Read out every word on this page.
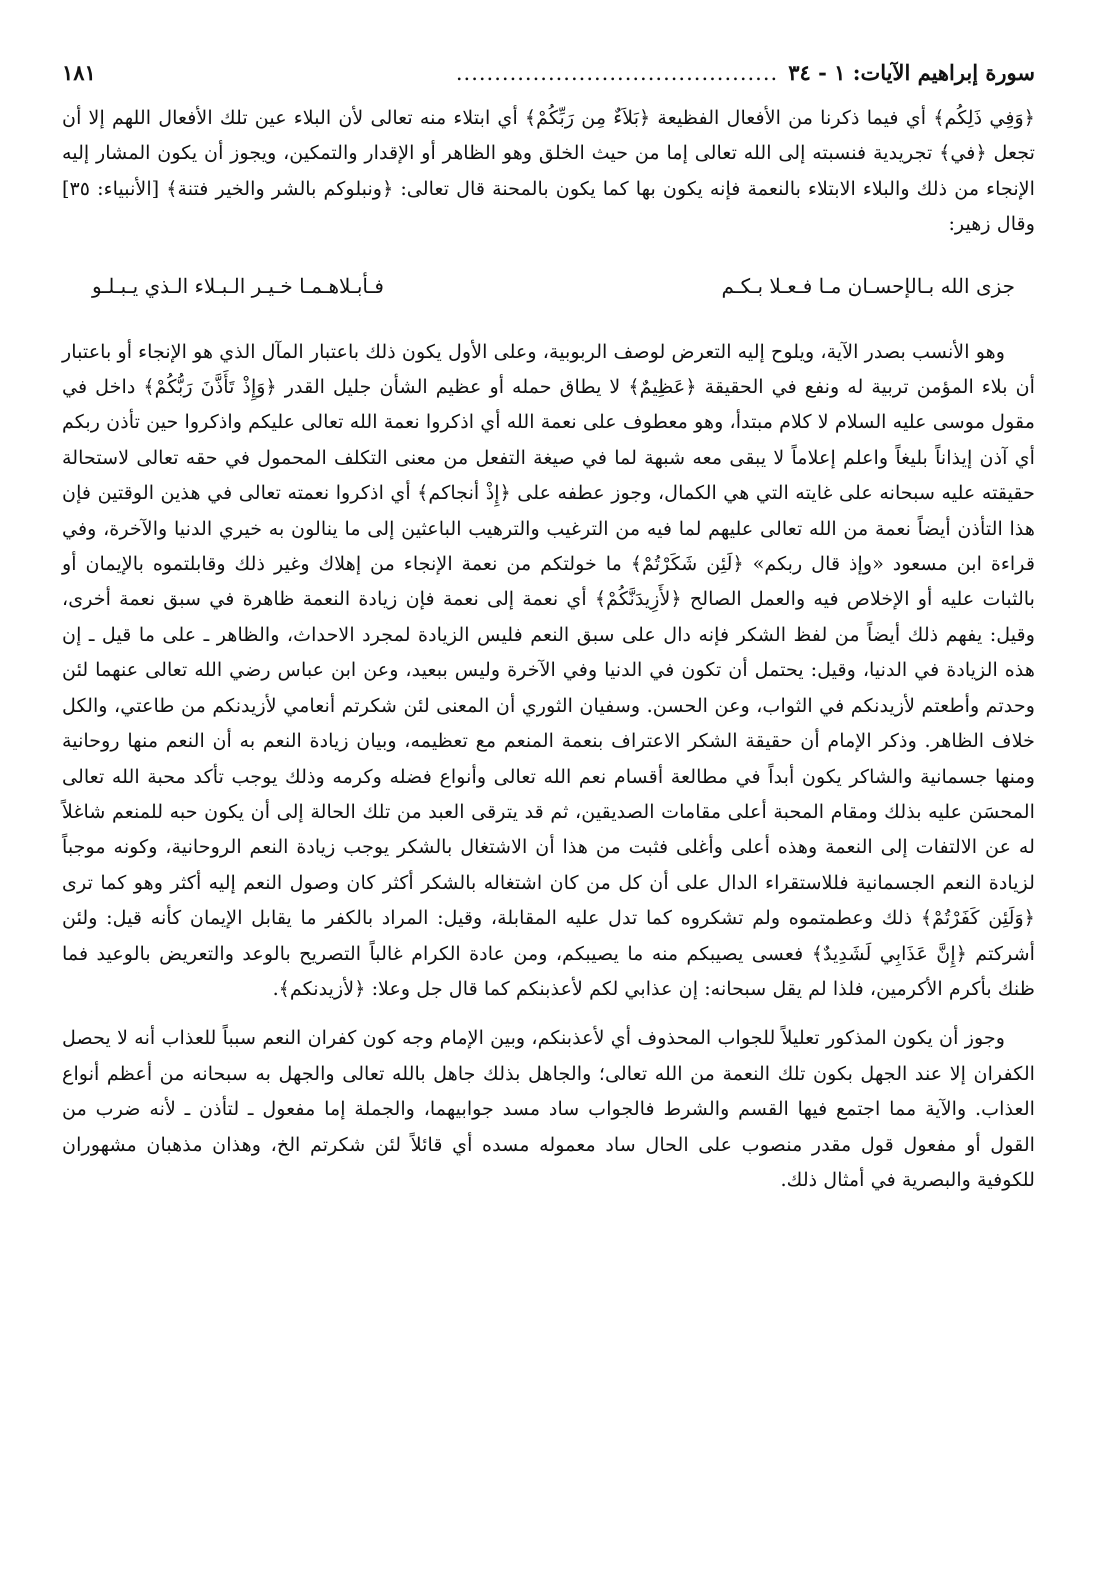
سورة إبراهيم الآيات: ١ - ٣٤
..........................................
١٨١

﴿وَفِي ذَلِكُم﴾ أي فيما ذكرنا من الأفعال الفظيعة ﴿بَلاَءٌ مِن رَبِّكُمْ﴾ أي ابتلاء منه تعالى لأن البلاء عين تلك الأفعال اللهم إلا أن تجعل ﴿في﴾ تجريدية فنسبته إلى الله تعالى إما من حيث الخلق وهو الظاهر أو الإقدار والتمكين، ويجوز أن يكون المشار إليه الإنجاء من ذلك والبلاء الابتلاء بالنعمة فإنه يكون بها كما يكون بالمحنة قال تعالى: ﴿ونبلوكم بالشر والخير فتنة﴾ [الأنبياء: ٣٥] وقال زهير:

جزى الله بـالإحسـان مـا فـعـلا بـكـم
فـأبـلاهـمـا خـيـر الـبـلاء الـذي يـبـلـو

وهو الأنسب بصدر الآية، ويلوح إليه التعرض لوصف الربوبية، وعلى الأول يكون ذلك باعتبار المآل الذي هو الإنجاء أو باعتبار أن بلاء المؤمن تربية له ونفع في الحقيقة ﴿عَظِيمٌ﴾ لا يطاق حمله أو عظيم الشأن جليل القدر ﴿وَإِذْ تَأَذَّنَ رَبُّكُمْ﴾ داخل في مقول موسى عليه السلام لا كلام مبتدأ، وهو معطوف على نعمة الله أي اذكروا نعمة الله تعالى عليكم واذكروا حين تأذن ربكم أي آذن إيذاناً بليغاً واعلم إعلاماً لا يبقى معه شبهة لما في صيغة التفعل من معنى التكلف المحمول في حقه تعالى لاستحالة حقيقته عليه سبحانه على غايته التي هي الكمال، وجوز عطفه على ﴿إِذْ أنجاكم﴾ أي اذكروا نعمته تعالى في هذين الوقتين فإن هذا التأذن أيضاً نعمة من الله تعالى عليهم لما فيه من الترغيب والترهيب الباعثين إلى ما ينالون به خيري الدنيا والآخرة، وفي قراءة ابن مسعود «وإذ قال ربكم» ﴿لَئِن شَكَرْتُمْ﴾ ما خولتكم من نعمة الإنجاء من إهلاك وغير ذلك وقابلتموه بالإيمان أو بالثبات عليه أو الإخلاص فيه والعمل الصالح ﴿لأَزِيدَنَّكُمْ﴾ أي نعمة إلى نعمة فإن زيادة النعمة ظاهرة في سبق نعمة أخرى، وقيل: يفهم ذلك أيضاً من لفظ الشكر فإنه دال على سبق النعم فليس الزيادة لمجرد الاحداث، والظاهر ـ على ما قيل ـ إن هذه الزيادة في الدنيا، وقيل: يحتمل أن تكون في الدنيا وفي الآخرة وليس ببعيد، وعن ابن عباس رضي الله تعالى عنهما لئن وحدتم وأطعتم لأزيدنكم في الثواب، وعن الحسن. وسفيان الثوري أن المعنى لئن شكرتم أنعامي لأزيدنكم من طاعتي، والكل خلاف الظاهر. وذكر الإمام أن حقيقة الشكر الاعتراف بنعمة المنعم مع تعظيمه، وبيان زيادة النعم به أن النعم منها روحانية ومنها جسمانية والشاكر يكون أبداً في مطالعة أقسام نعم الله تعالى وأنواع فضله وكرمه وذلك يوجب تأكد محبة الله تعالى المحسَن عليه بذلك ومقام المحبة أعلى مقامات الصديقين، ثم قد يترقى العبد من تلك الحالة إلى أن يكون حبه للمنعم شاغلاً له عن الالتفات إلى النعمة وهذه أعلى وأغلى فثبت من هذا أن الاشتغال بالشكر يوجب زيادة النعم الروحانية، وكونه موجباً لزيادة النعم الجسمانية فللاستقراء الدال على أن كل من كان اشتغاله بالشكر أكثر كان وصول النعم إليه أكثر وهو كما ترى ﴿وَلَئِن كَفَرْتُمْ﴾ ذلك وعطمتموه ولم تشكروه كما تدل عليه المقابلة، وقيل: المراد بالكفر ما يقابل الإيمان كأنه قيل: ولئن أشركتم ﴿إِنَّ عَذَابِي لَشَدِيدٌ﴾ فعسى يصيبكم منه ما يصيبكم، ومن عادة الكرام غالباً التصريح بالوعد والتعريض بالوعيد فما ظنك بأكرم الأكرمين، فلذا لم يقل سبحانه: إن عذابي لكم لأعذبنكم كما قال جل وعلا: ﴿لأزيدنكم﴾.

وجوز أن يكون المذكور تعليلاً للجواب المحذوف أي لأعذبنكم، وبين الإمام وجه كون كفران النعم سبباً للعذاب أنه لا يحصل الكفران إلا عند الجهل بكون تلك النعمة من الله تعالى؛ والجاهل بذلك جاهل بالله تعالى والجهل به سبحانه من أعظم أنواع العذاب. والآية مما اجتمع فيها القسم والشرط فالجواب ساد مسد جوابيهما، والجملة إما مفعول ـ لتأذن ـ لأنه ضرب من القول أو مفعول قول مقدر منصوب على الحال ساد معموله مسده أي قائلاً لئن شكرتم الخ، وهذان مذهبان مشهوران للكوفية والبصرية في أمثال ذلك.
